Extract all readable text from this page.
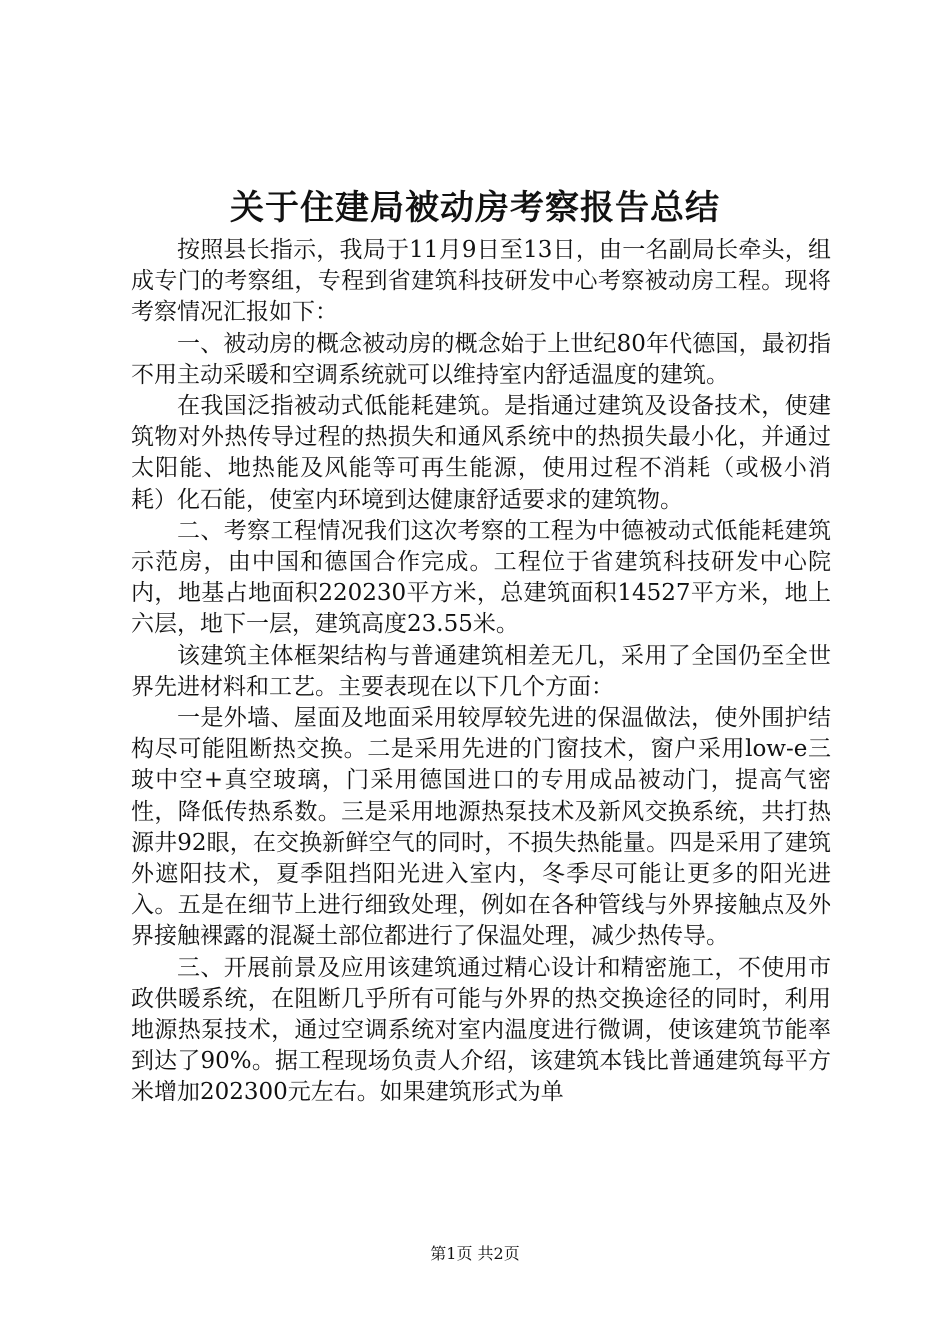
关于住建局被动房考察报告总结

按照县长指示，我局于11月9日至13日，由一名副局长牵头，组成专门的考察组，专程到省建筑科技研发中心考察被动房工程。现将考察情况汇报如下：

一、被动房的概念被动房的概念始于上世纪80年代德国，最初指不用主动采暖和空调系统就可以维持室内舒适温度的建筑。

在我国泛指被动式低能耗建筑。是指通过建筑及设备技术，使建筑物对外热传导过程的热损失和通风系统中的热损失最小化，并通过太阳能、地热能及风能等可再生能源，使用过程不消耗（或极小消耗）化石能，使室内环境到达健康舒适要求的建筑物。

二、考察工程情况我们这次考察的工程为中德被动式低能耗建筑示范房，由中国和德国合作完成。工程位于省建筑科技研发中心院内，地基占地面积220230平方米，总建筑面积14527平方米，地上六层，地下一层，建筑高度23.55米。

该建筑主体框架结构与普通建筑相差无几，采用了全国仍至全世界先进材料和工艺。主要表现在以下几个方面：

一是外墙、屋面及地面采用较厚较先进的保温做法，使外围护结构尽可能阻断热交换。二是采用先进的门窗技术，窗户采用low-e三玻中空+真空玻璃，门采用德国进口的专用成品被动门，提高气密性，降低传热系数。三是采用地源热泵技术及新风交换系统，共打热源井92眼，在交换新鲜空气的同时，不损失热能量。四是采用了建筑外遮阳技术，夏季阻挡阳光进入室内，冬季尽可能让更多的阳光进入。五是在细节上进行细致处理，例如在各种管线与外界接触点及外界接触裸露的混凝土部位都进行了保温处理，减少热传导。

三、开展前景及应用该建筑通过精心设计和精密施工，不使用市政供暖系统，在阻断几乎所有可能与外界的热交换途径的同时，利用地源热泵技术，通过空调系统对室内温度进行微调，使该建筑节能率到达了90%。据工程现场负责人介绍，该建筑本钱比普通建筑每平方米增加202300元左右。如果建筑形式为单

第1页 共2页
